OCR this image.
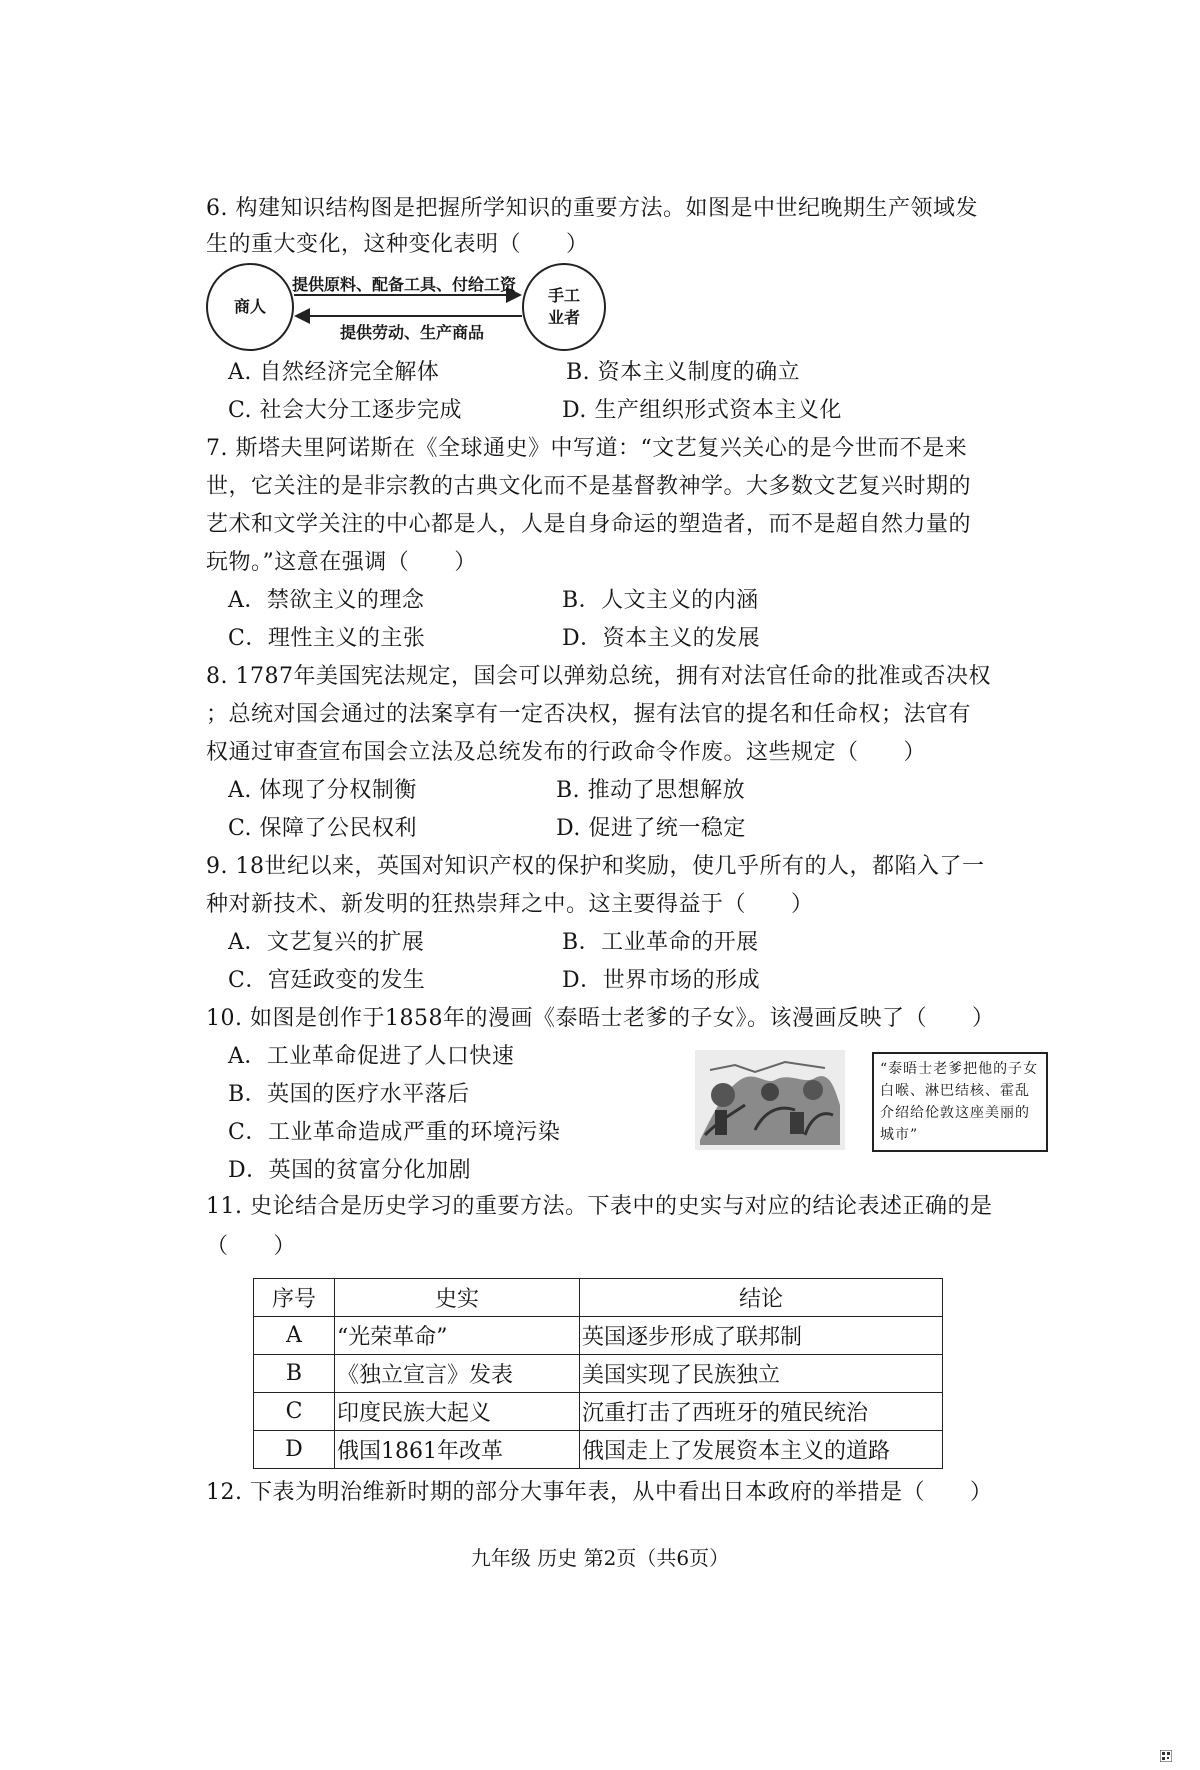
6. 构建知识结构图是把握所学知识的重要方法。如图是中世纪晚期生产领域发
生的重大变化，这种变化表明（　　）
商人
手工
业者
提供原料、配备工具、付给工资
提供劳动、生产商品
A. 自然经济完全解体	B. 资本主义制度的确立
C. 社会大分工逐步完成	D. 生产组织形式资本主义化
7. 斯塔夫里阿诺斯在《全球通史》中写道：“文艺复兴关心的是今世而不是来
世，它关注的是非宗教的古典文化而不是基督教神学。大多数文艺复兴时期的
艺术和文学关注的中心都是人，人是自身命运的塑造者，而不是超自然力量的
玩物。”这意在强调（　　）
A．禁欲主义的理念	B．人文主义的内涵
C．理性主义的主张	D．资本主义的发展
8. 1787年美国宪法规定，国会可以弹劾总统，拥有对法官任命的批准或否决权
；总统对国会通过的法案享有一定否决权，握有法官的提名和任命权；法官有
权通过审查宣布国会立法及总统发布的行政命令作废。这些规定（　　）
A. 体现了分权制衡	B. 推动了思想解放
C. 保障了公民权利	D. 促进了统一稳定
9. 18世纪以来，英国对知识产权的保护和奖励，使几乎所有的人，都陷入了一
种对新技术、新发明的狂热崇拜之中。这主要得益于（　　）
A．文艺复兴的扩展	B．工业革命的开展
C．宫廷政变的发生	D．世界市场的形成
10. 如图是创作于1858年的漫画《泰晤士老爹的子女》。该漫画反映了（　　）
A．工业革命促进了人口快速
B．英国的医疗水平落后
C．工业革命造成严重的环境污染
D．英国的贫富分化加剧
“泰晤士老爹把他的子女白喉、淋巴结核、霍乱介绍给伦敦这座美丽的城市”
11. 史论结合是历史学习的重要方法。下表中的史实与对应的结论表述正确的是
（　　）
序号	史实	结论
A	“光荣革命”	英国逐步形成了联邦制
B	《独立宣言》发表	美国实现了民族独立
C	印度民族大起义	沉重打击了西班牙的殖民统治
D	俄国1861年改革	俄国走上了发展资本主义的道路
12. 下表为明治维新时期的部分大事年表，从中看出日本政府的举措是（　　）
九年级 历史 第2页（共6页）
